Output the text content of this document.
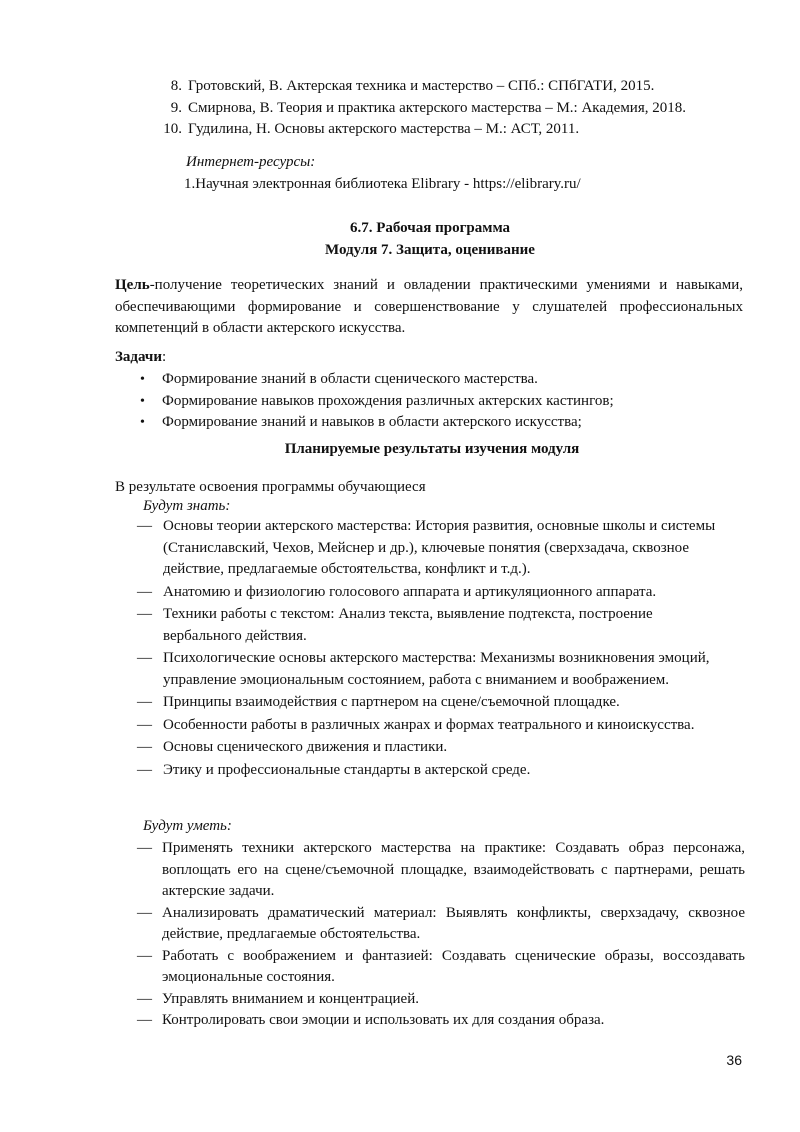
8. Гротовский, В. Актерская техника и мастерство – СПб.: СПбГАТИ, 2015.
9. Смирнова, В. Теория и практика актерского мастерства – М.: Академия, 2018.
10. Гудилина, Н. Основы актерского мастерства – М.: АСТ, 2011.
Интернет-ресурсы:
1.Научная электронная библиотека Elibrary - https://elibrary.ru/
6.7. Рабочая программа
Модуля 7. Защита, оценивание
Цель-получение теоретических знаний и овладении практическими умениями и навыками, обеспечивающими формирование и совершенствование у слушателей профессиональных компетенций в области актерского искусства.
Задачи:
•	Формирование знаний в области сценического мастерства.
•	Формирование навыков прохождения различных актерских кастингов;
•	Формирование знаний и навыков в области актерского искусства;
Планируемые результаты изучения модуля
В результате освоения программы обучающиеся
Будут знать:
— Основы теории актерского мастерства: История развития, основные школы и системы (Станиславский, Чехов, Мейснер и др.), ключевые понятия (сверхзадача, сквозное действие, предлагаемые обстоятельства, конфликт и т.д.).
— Анатомию и физиологию голосового аппарата и артикуляционного аппарата.
— Техники работы с текстом: Анализ текста, выявление подтекста, построение вербального действия.
— Психологические основы актерского мастерства: Механизмы возникновения эмоций, управление эмоциональным состоянием, работа с вниманием и воображением.
— Принципы взаимодействия с партнером на сцене/съемочной площадке.
— Особенности работы в различных жанрах и формах театрального и киноискусства.
— Основы сценического движения и пластики.
— Этику и профессиональные стандарты в актерской среде.
Будут уметь:
— Применять техники актерского мастерства на практике: Создавать образ персонажа, воплощать его на сцене/съемочной площадке, взаимодействовать с партнерами, решать актерские задачи.
— Анализировать драматический материал: Выявлять конфликты, сверхзадачу, сквозное действие, предлагаемые обстоятельства.
— Работать с воображением и фантазией: Создавать сценические образы, воссоздавать эмоциональные состояния.
— Управлять вниманием и концентрацией.
— Контролировать свои эмоции и использовать их для создания образа.
36
